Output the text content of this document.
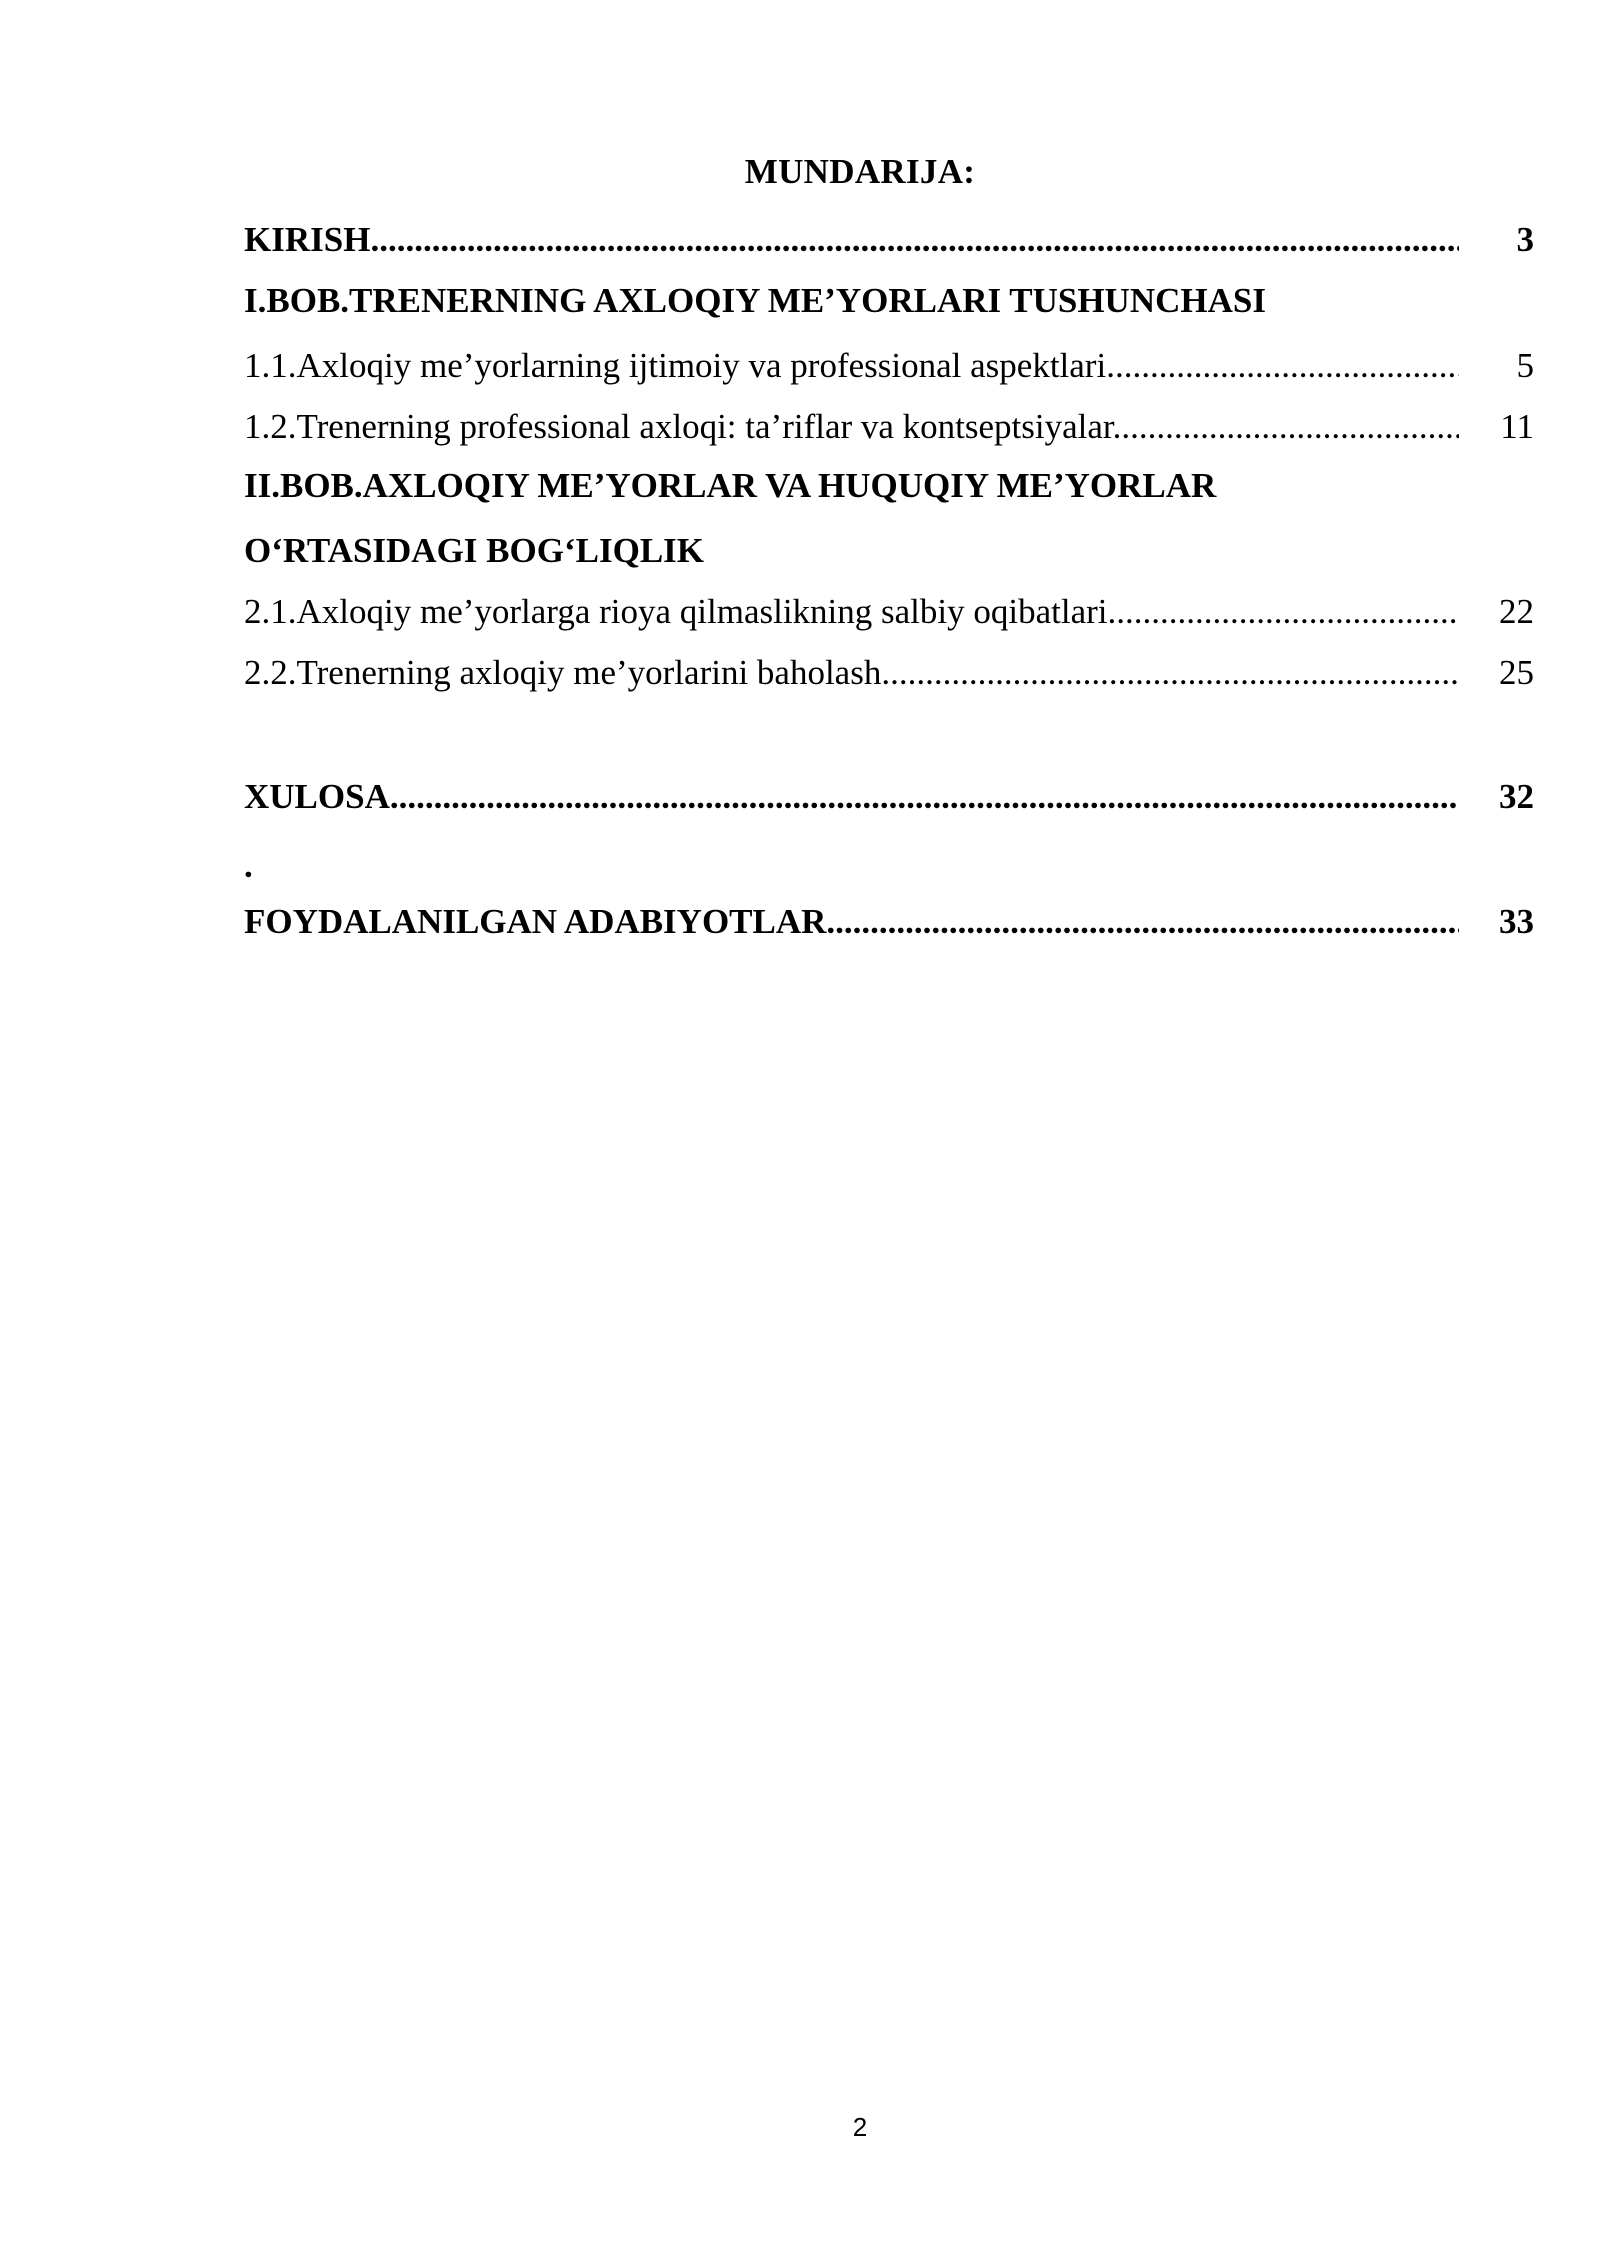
MUNDARIJA:
KIRISH .....	3
I.BOB.TRENERNING AXLOQIY ME’YORLARI TUSHUNCHASI
1.1.Axloqiy me’yorlarning ijtimoiy va professional aspektlari .....	5
1.2.Trenerning professional axloqi: ta’riflar va kontseptsiyalar .....	11
II.BOB.AXLOQIY ME’YORLAR VA HUQUQIY ME’YORLAR
O‘RTASIDAGI BOG‘LIQLIK
2.1.Axloqiy me’yorlarga rioya qilmaslikning salbiy oqibatlari .....	22
2.2.Trenerning axloqiy me’yorlarini baholash .....	25
XULOSA .....	32
.
FOYDALANILGAN ADABIYOTLAR .....	33
2
